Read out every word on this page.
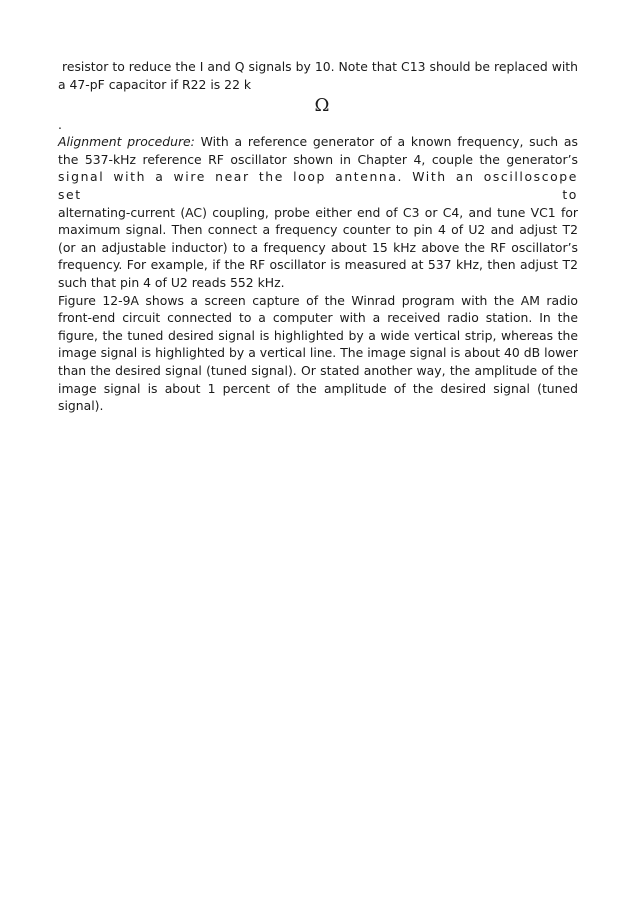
resistor to reduce the I and Q signals by 10. Note that C13 should be replaced with
a 47-pF capacitor if R22 is 22 k
Ω
.
Alignment procedure: With a reference generator of a known frequency, such as
the 537-kHz reference RF oscillator shown in Chapter 4, couple the generator’s
signal with a wire near the loop antenna. With an oscilloscope set to
alternating-current (AC) coupling, probe either end of C3 or C4, and tune VC1 for
maximum signal. Then connect a frequency counter to pin 4 of U2 and adjust T2
(or an adjustable inductor) to a frequency about 15 kHz above the RF oscillator’s
frequency. For example, if the RF oscillator is measured at 537 kHz, then adjust T2
such that pin 4 of U2 reads 552 kHz.
Figure 12-9A shows a screen capture of the Winrad program with the AM radio
front-end circuit connected to a computer with a received radio station. In the
figure, the tuned desired signal is highlighted by a wide vertical strip, whereas the
image signal is highlighted by a vertical line. The image signal is about 40 dB lower
than the desired signal (tuned signal). Or stated another way, the amplitude of the
image signal is about 1 percent of the amplitude of the desired signal (tuned
signal).
